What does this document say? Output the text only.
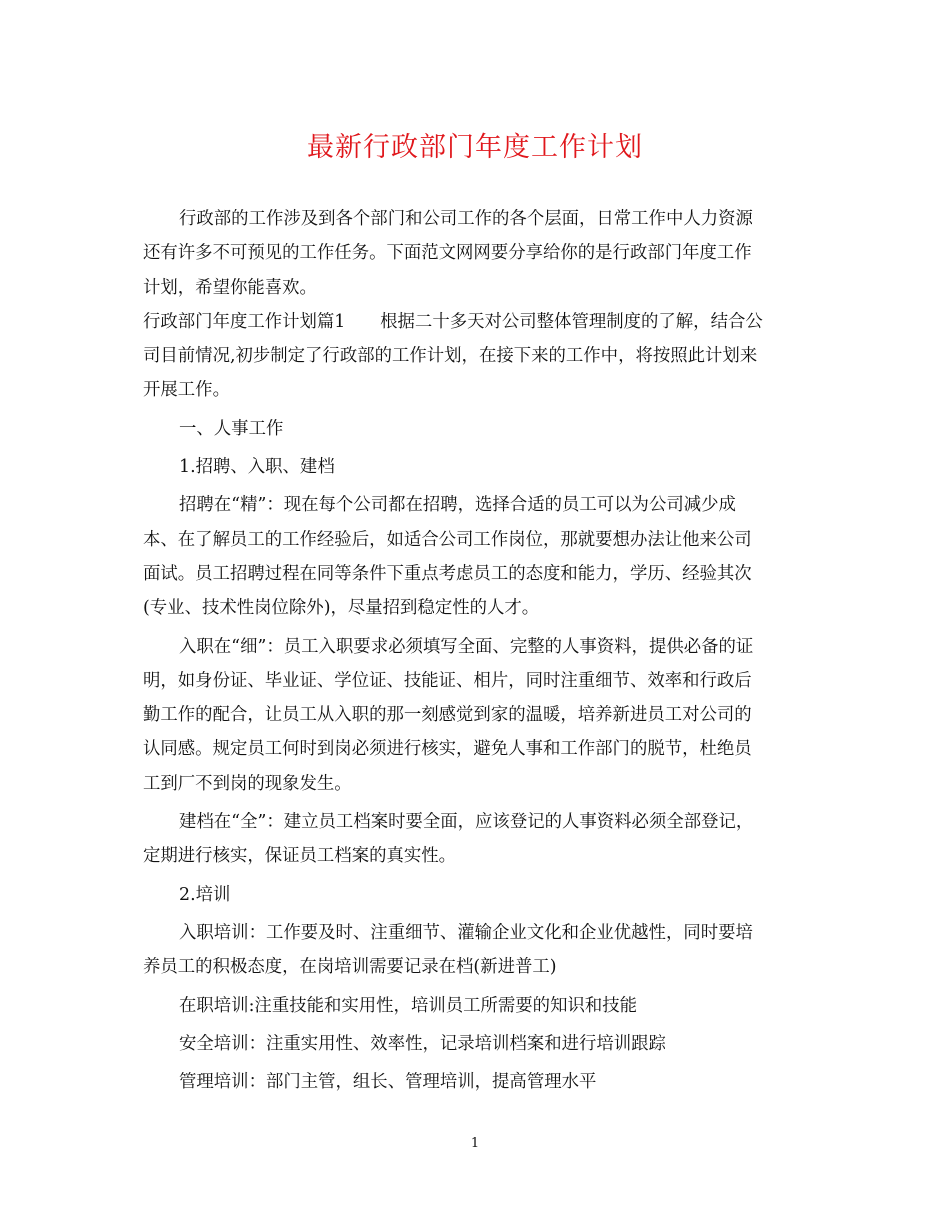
最新行政部门年度工作计划
行政部的工作涉及到各个部门和公司工作的各个层面，日常工作中人力资源
还有许多不可预见的工作任务。下面范文网网要分享给你的是行政部门年度工作
计划，希望你能喜欢。
行政部门年度工作计划篇1　　根据二十多天对公司整体管理制度的了解，结合公
司目前情况,初步制定了行政部的工作计划，在接下来的工作中，将按照此计划来
开展工作。
一、人事工作
1.招聘、入职、建档
招聘在“精”：现在每个公司都在招聘，选择合适的员工可以为公司减少成
本、在了解员工的工作经验后，如适合公司工作岗位，那就要想办法让他来公司
面试。员工招聘过程在同等条件下重点考虑员工的态度和能力，学历、经验其次
(专业、技术性岗位除外)，尽量招到稳定性的人才。
入职在“细”：员工入职要求必须填写全面、完整的人事资料，提供必备的证
明，如身份证、毕业证、学位证、技能证、相片，同时注重细节、效率和行政后
勤工作的配合，让员工从入职的那一刻感觉到家的温暖，培养新进员工对公司的
认同感。规定员工何时到岗必须进行核实，避免人事和工作部门的脱节，杜绝员
工到厂不到岗的现象发生。
建档在“全”：建立员工档案时要全面，应该登记的人事资料必须全部登记，
定期进行核实，保证员工档案的真实性。
2.培训
入职培训：工作要及时、注重细节、灌输企业文化和企业优越性，同时要培
养员工的积极态度，在岗培训需要记录在档(新进普工)
在职培训:注重技能和实用性，培训员工所需要的知识和技能
安全培训：注重实用性、效率性，记录培训档案和进行培训跟踪
管理培训：部门主管，组长、管理培训，提高管理水平
1
